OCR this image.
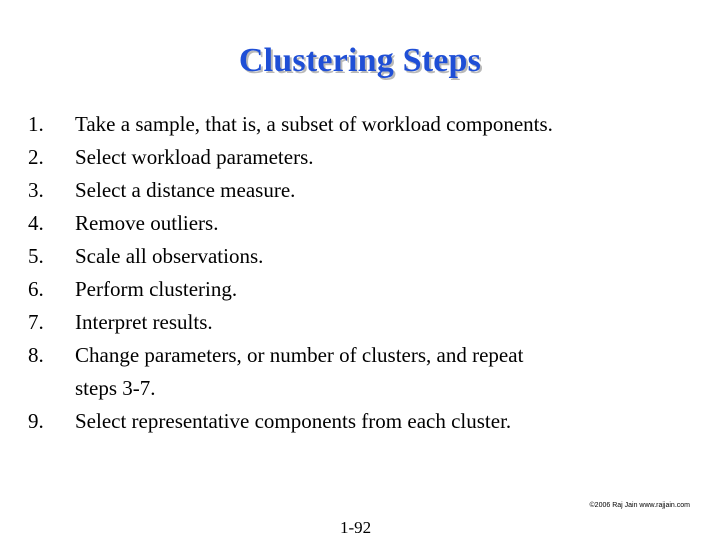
Clustering Steps
1.	Take a sample, that is, a subset of workload components.
2.	Select workload parameters.
3.	Select a distance measure.
4.	Remove outliers.
5.	Scale all observations.
6.	Perform clustering.
7.	Interpret results.
8.	Change parameters, or number of clusters, and repeat steps 3-7.
9.	Select representative components from each cluster.
©2006 Raj Jain www.rajjain.com
1-92
